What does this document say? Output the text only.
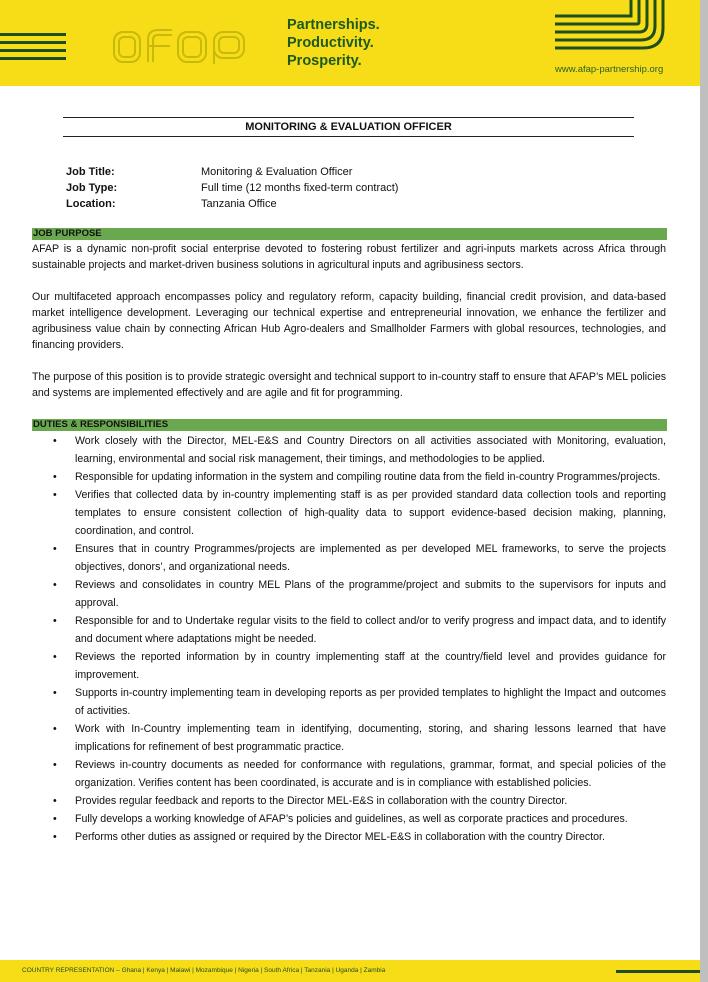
afap
Partnerships.
Productivity.
Prosperity.
www.afap-partnership.org
MONITORING & EVALUATION OFFICER
Job Title:	Monitoring & Evaluation Officer
Job Type:	Full time (12 months fixed-term contract)
Location:	Tanzania Office
JOB PURPOSE
AFAP is a dynamic non-profit social enterprise devoted to fostering robust fertilizer and agri-inputs markets across Africa through sustainable projects and market-driven business solutions in agricultural inputs and agribusiness sectors.
Our multifaceted approach encompasses policy and regulatory reform, capacity building, financial credit provision, and data-based market intelligence development. Leveraging our technical expertise and entrepreneurial innovation, we enhance the fertilizer and agribusiness value chain by connecting African Hub Agro-dealers and Smallholder Farmers with global resources, technologies, and financing providers.
The purpose of this position is to provide strategic oversight and technical support to in-country staff to ensure that AFAP’s MEL policies and systems are implemented effectively and are agile and fit for programming.
DUTIES & RESPONSIBILITIES
• Work closely with the Director, MEL-E&S and Country Directors on all activities associated with Monitoring, evaluation, learning, environmental and social risk management, their timings, and methodologies to be applied.
• Responsible for updating information in the system and compiling routine data from the field in-country Programmes/projects.
• Verifies that collected data by in-country implementing staff is as per provided standard data collection tools and reporting templates to ensure consistent collection of high-quality data to support evidence-based decision making, planning, coordination, and control.
• Ensures that in country Programmes/projects are implemented as per developed MEL frameworks, to serve the projects objectives, donors’, and organizational needs.
• Reviews and consolidates in country MEL Plans of the programme/project and submits to the supervisors for inputs and approval.
• Responsible for and to Undertake regular visits to the field to collect and/or to verify progress and impact data, and to identify and document where adaptations might be needed.
• Reviews the reported information by in country implementing staff at the country/field level and provides guidance for improvement.
• Supports in-country implementing team in developing reports as per provided templates to highlight the Impact and outcomes of activities.
• Work with In-Country implementing team in identifying, documenting, storing, and sharing lessons learned that have implications for refinement of best programmatic practice.
• Reviews in-country documents as needed for conformance with regulations, grammar, format, and special policies of the organization. Verifies content has been coordinated, is accurate and is in compliance with established policies.
• Provides regular feedback and reports to the Director MEL-E&S in collaboration with the country Director.
• Fully develops a working knowledge of AFAP’s policies and guidelines, as well as corporate practices and procedures.
• Performs other duties as assigned or required by the Director MEL-E&S in collaboration with the country Director.
COUNTRY REPRESENTATION – Ghana | Kenya | Malawi | Mozambique | Nigeria | South Africa | Tanzania | Uganda | Zambia
